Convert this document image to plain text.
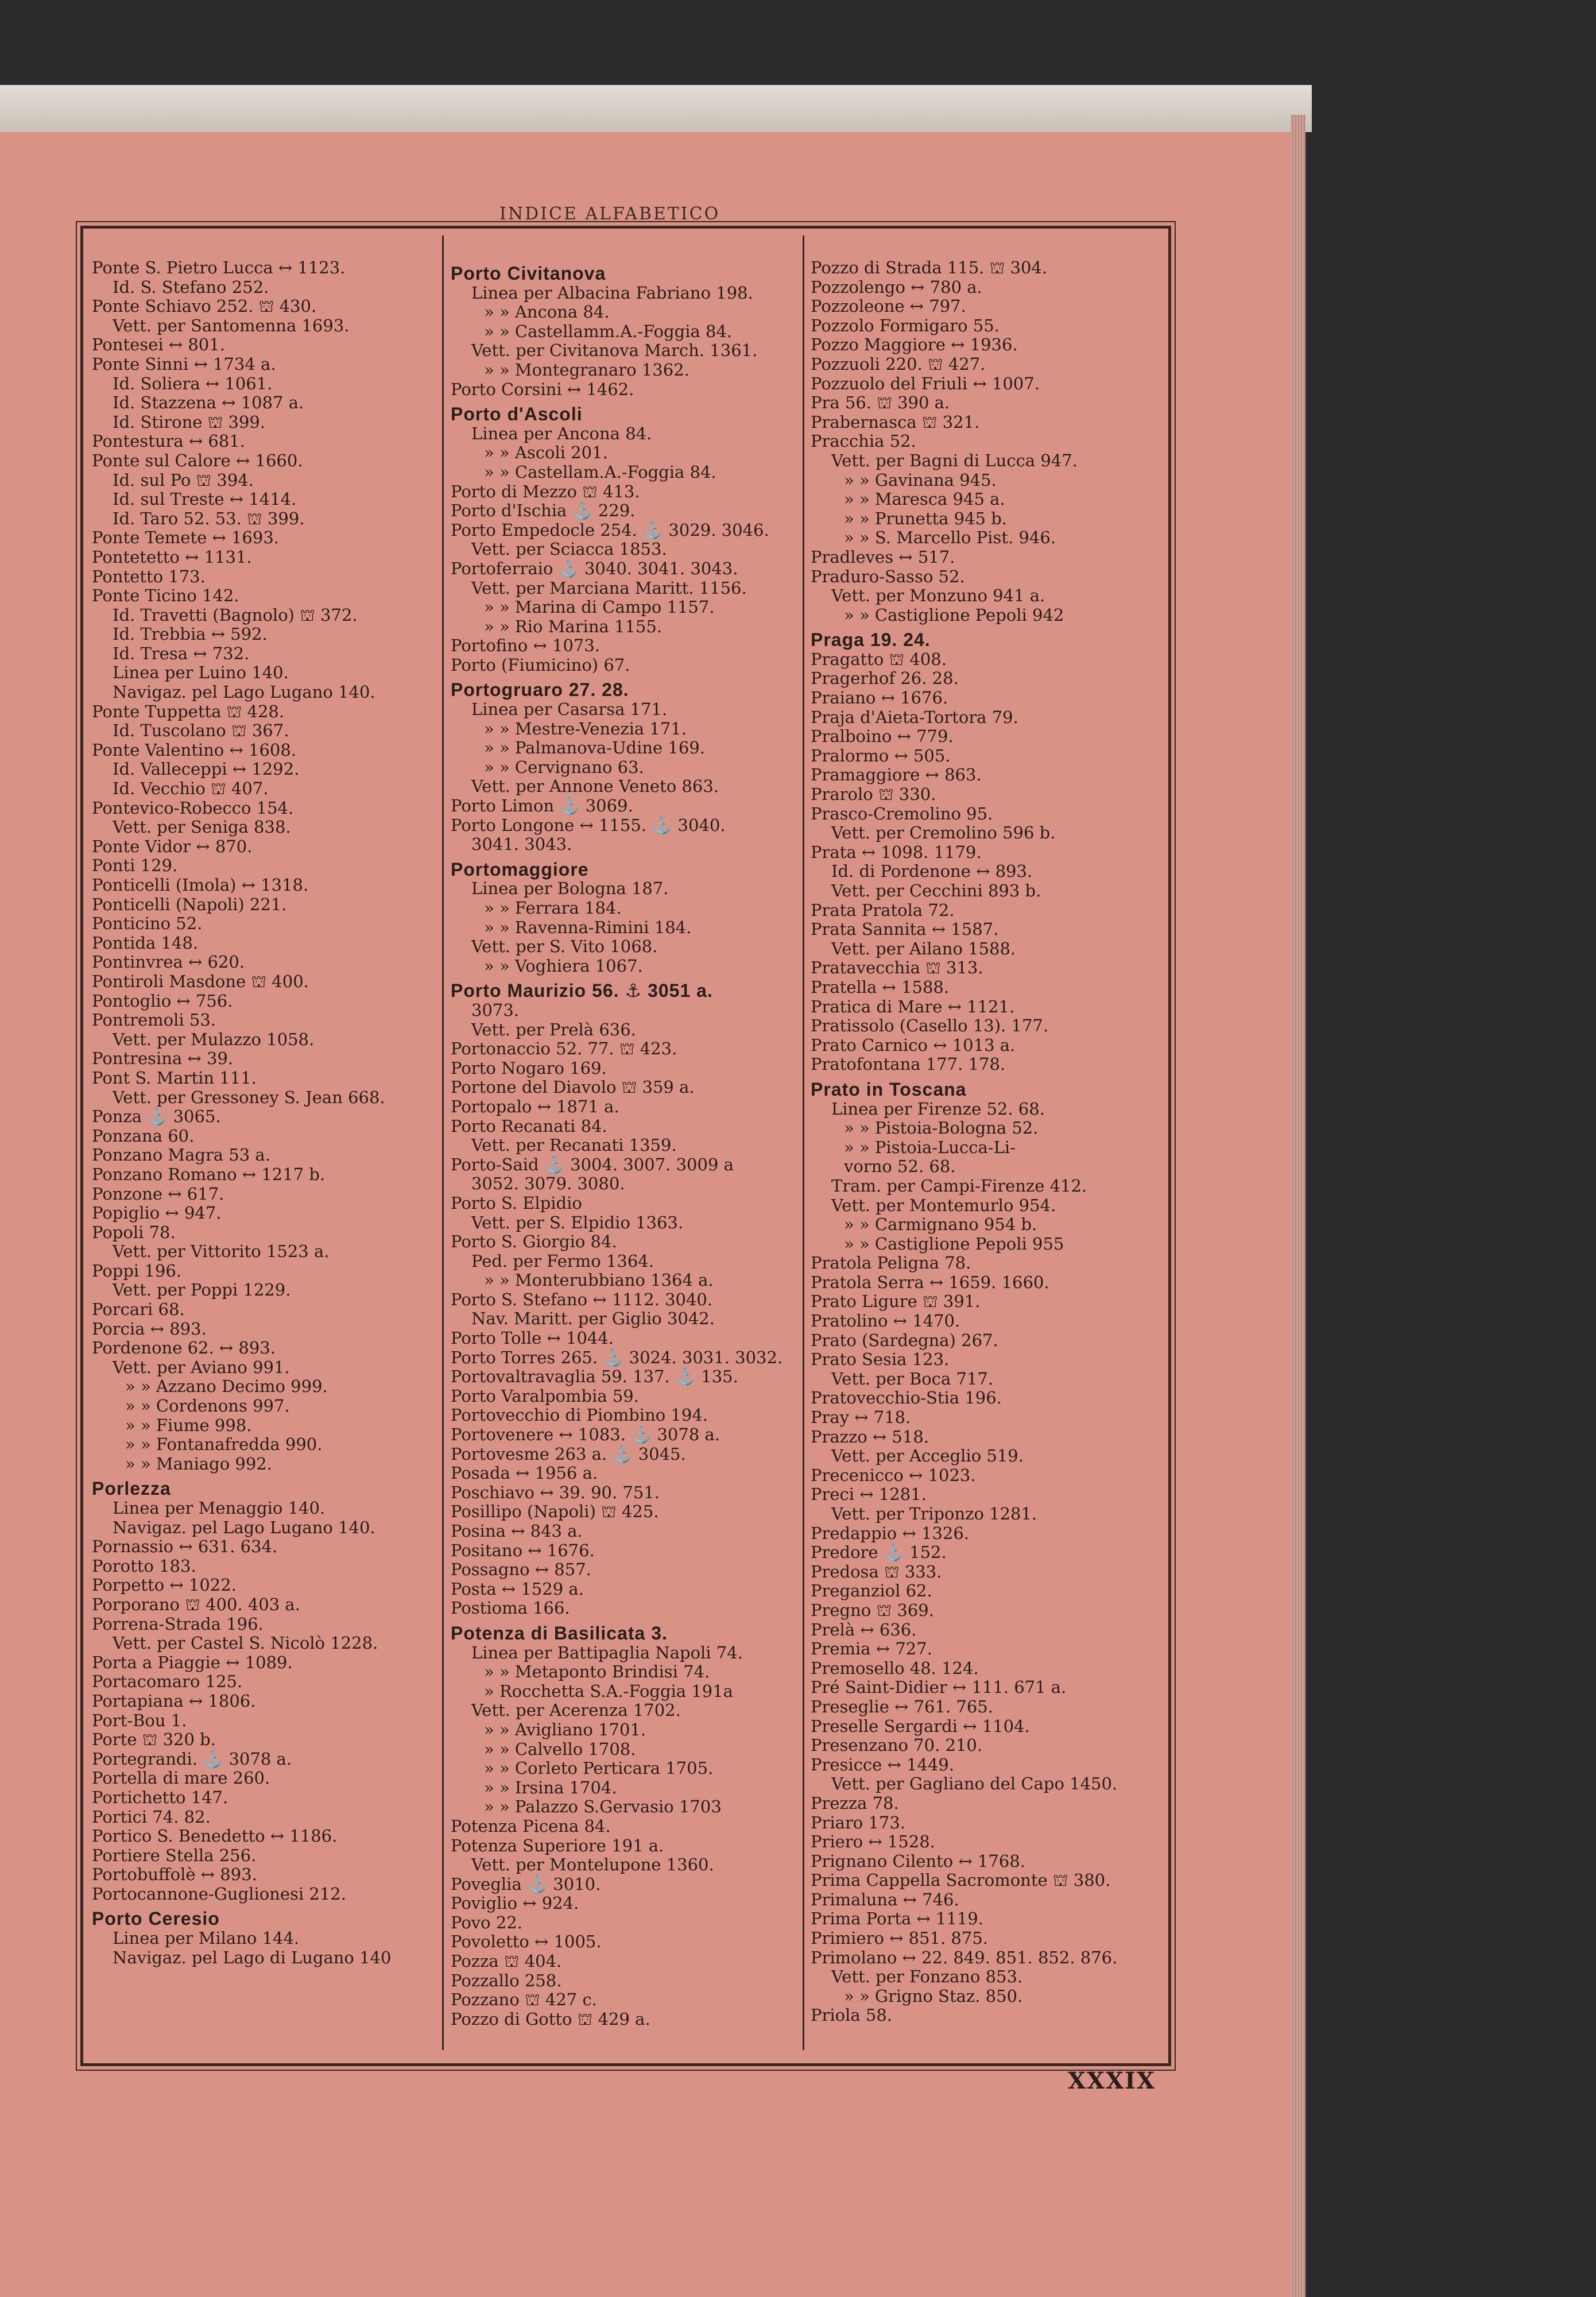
INDICE ALFABETICO
Ponte S. Pietro Lucca ↔ 1123.
Id. S. Stefano 252.
Ponte Schiavo 252. ⛫ 430.
Vett. per Santomenna 1693.
Pontesei ↔ 801.
Ponte Sinni ↔ 1734 a.
Id. Soliera ↔ 1061.
Id. Stazzena ↔ 1087 a.
Id. Stirone ⛫ 399.
Pontestura ↔ 681.
Ponte sul Calore ↔ 1660.
Id. sul Po ⛫ 394.
Id. sul Treste ↔ 1414.
Id. Taro 52. 53. ⛫ 399.
Ponte Temete ↔ 1693.
Pontetetto ↔ 1131.
Pontetto 173.
Ponte Ticino 142.
Id. Travetti (Bagnolo) ⛫ 372.
Id. Trebbia ↔ 592.
Id. Tresa ↔ 732.
Linea per Luino 140.
Navigaz. pel Lago Lugano 140.
Ponte Tuppetta ⛫ 428.
Id. Tuscolano ⛫ 367.
Ponte Valentino ↔ 1608.
Id. Valleceppi ↔ 1292.
Id. Vecchio ⛫ 407.
Pontevico-Robecco 154.
Vett. per Seniga 838.
Ponte Vidor ↔ 870.
Ponti 129.
Ponticelli (Imola) ↔ 1318.
Ponticelli (Napoli) 221.
Ponticino 52.
Pontida 148.
Pontinvrea ↔ 620.
Pontiroli Masdone ⛫ 400.
Pontoglio ↔ 756.
Pontremoli 53.
Vett. per Mulazzo 1058.
Pontresina ↔ 39.
Pont S. Martin 111.
Vett. per Gressoney S. Jean 668.
Ponza ⚓ 3065.
Ponzana 60.
Ponzano Magra 53 a.
Ponzano Romano ↔ 1217 b.
Ponzone ↔ 617.
Popiglio ↔ 947.
Popoli 78.
Vett. per Vittorito 1523 a.
Poppi 196.
Vett. per Poppi 1229.
Porcari 68.
Porcia ↔ 893.
Pordenone 62. ↔ 893.
Vett. per Aviano 991.
» » Azzano Decimo 999.
» » Cordenons 997.
» » Fiume 998.
» » Fontanafredda 990.
» » Maniago 992.
Porlezza
Linea per Menaggio 140.
Navigaz. pel Lago Lugano 140.
Pornassio ↔ 631. 634.
Porotto 183.
Porpetto ↔ 1022.
Porporano ⛫ 400. 403 a.
Porrena-Strada 196.
Vett. per Castel S. Nicolò 1228.
Porta a Piaggie ↔ 1089.
Portacomaro 125.
Portapiana ↔ 1806.
Port-Bou 1.
Porte ⛫ 320 b.
Portegrandi. ⚓ 3078 a.
Portella di mare 260.
Portichetto 147.
Portici 74. 82.
Portico S. Benedetto ↔ 1186.
Portiere Stella 256.
Portobuffolè ↔ 893.
Portocannone-Guglionesi 212.
Porto Ceresio
Linea per Milano 144.
Navigaz. pel Lago di Lugano 140
Porto Civitanova
Linea per Albacina Fabriano 198.
» » Ancona 84.
» » Castellamm.A.-Foggia 84.
Vett. per Civitanova March. 1361.
» » Montegranaro 1362.
Porto Corsini ↔ 1462.
Porto d'Ascoli
Linea per Ancona 84.
» » Ascoli 201.
» » Castellam.A.-Foggia 84.
Porto di Mezzo ⛫ 413.
Porto d'Ischia ⚓ 229.
Porto Empedocle 254. ⚓ 3029. 3046.
Vett. per Sciacca 1853.
Portoferraio ⚓ 3040. 3041. 3043.
Vett. per Marciana Maritt. 1156.
» » Marina di Campo 1157.
» » Rio Marina 1155.
Portofino ↔ 1073.
Porto (Fiumicino) 67.
Portogruaro 27. 28.
Linea per Casarsa 171.
» » Mestre-Venezia 171.
» » Palmanova-Udine 169.
» » Cervignano 63.
Vett. per Annone Veneto 863.
Porto Limon ⚓ 3069.
Porto Longone ↔ 1155. ⚓ 3040.
3041. 3043.
Portomaggiore
Linea per Bologna 187.
» » Ferrara 184.
» » Ravenna-Rimini 184.
Vett. per S. Vito 1068.
» » Voghiera 1067.
Porto Maurizio 56. ⚓ 3051 a.
3073.
Vett. per Prelà 636.
Portonaccio 52. 77. ⛫ 423.
Porto Nogaro 169.
Portone del Diavolo ⛫ 359 a.
Portopalo ↔ 1871 a.
Porto Recanati 84.
Vett. per Recanati 1359.
Porto-Said ⚓ 3004. 3007. 3009 a
3052. 3079. 3080.
Porto S. Elpidio
Vett. per S. Elpidio 1363.
Porto S. Giorgio 84.
Ped. per Fermo 1364.
» » Monterubbiano 1364 a.
Porto S. Stefano ↔ 1112. 3040.
Nav. Maritt. per Giglio 3042.
Porto Tolle ↔ 1044.
Porto Torres 265. ⚓ 3024. 3031. 3032.
Portovaltravaglia 59. 137. ⚓ 135.
Porto Varalpombia 59.
Portovecchio di Piombino 194.
Portovenere ↔ 1083. ⚓ 3078 a.
Portovesme 263 a. ⚓ 3045.
Posada ↔ 1956 a.
Poschiavo ↔ 39. 90. 751.
Posillipo (Napoli) ⛫ 425.
Posina ↔ 843 a.
Positano ↔ 1676.
Possagno ↔ 857.
Posta ↔ 1529 a.
Postioma 166.
Potenza di Basilicata 3.
Linea per Battipaglia Napoli 74.
» » Metaponto Brindisi 74.
» Rocchetta S.A.-Foggia 191a
Vett. per Acerenza 1702.
» » Avigliano 1701.
» » Calvello 1708.
» » Corleto Perticara 1705.
» » Irsina 1704.
» » Palazzo S.Gervasio 1703
Potenza Picena 84.
Potenza Superiore 191 a.
Vett. per Montelupone 1360.
Poveglia ⚓ 3010.
Poviglio ↔ 924.
Povo 22.
Povoletto ↔ 1005.
Pozza ⛫ 404.
Pozzallo 258.
Pozzano ⛫ 427 c.
Pozzo di Gotto ⛫ 429 a.
Pozzo di Strada 115. ⛫ 304.
Pozzolengo ↔ 780 a.
Pozzoleone ↔ 797.
Pozzolo Formigaro 55.
Pozzo Maggiore ↔ 1936.
Pozzuoli 220. ⛫ 427.
Pozzuolo del Friuli ↔ 1007.
Pra 56. ⛫ 390 a.
Prabernasca ⛫ 321.
Pracchia 52.
Vett. per Bagni di Lucca 947.
» » Gavinana 945.
» » Maresca 945 a.
» » Prunetta 945 b.
» » S. Marcello Pist. 946.
Pradleves ↔ 517.
Praduro-Sasso 52.
Vett. per Monzuno 941 a.
» » Castiglione Pepoli 942
Praga 19. 24.
Pragatto ⛫ 408.
Pragerhof 26. 28.
Praiano ↔ 1676.
Praja d'Aieta-Tortora 79.
Pralboino ↔ 779.
Pralormo ↔ 505.
Pramaggiore ↔ 863.
Prarolo ⛫ 330.
Prasco-Cremolino 95.
Vett. per Cremolino 596 b.
Prata ↔ 1098. 1179.
Id. di Pordenone ↔ 893.
Vett. per Cecchini 893 b.
Prata Pratola 72.
Prata Sannita ↔ 1587.
Vett. per Ailano 1588.
Pratavecchia ⛫ 313.
Pratella ↔ 1588.
Pratica di Mare ↔ 1121.
Pratissolo (Casello 13). 177.
Prato Carnico ↔ 1013 a.
Pratofontana 177. 178.
Prato in Toscana
Linea per Firenze 52. 68.
» » Pistoia-Bologna 52.
» » Pistoia-Lucca-Li-
vorno 52. 68.
Tram. per Campi-Firenze 412.
Vett. per Montemurlo 954.
» » Carmignano 954 b.
» » Castiglione Pepoli 955
Pratola Peligna 78.
Pratola Serra ↔ 1659. 1660.
Prato Ligure ⛫ 391.
Pratolino ↔ 1470.
Prato (Sardegna) 267.
Prato Sesia 123.
Vett. per Boca 717.
Pratovecchio-Stia 196.
Pray ↔ 718.
Prazzo ↔ 518.
Vett. per Acceglio 519.
Precenicco ↔ 1023.
Preci ↔ 1281.
Vett. per Triponzo 1281.
Predappio ↔ 1326.
Predore ⚓ 152.
Predosa ⛫ 333.
Preganziol 62.
Pregno ⛫ 369.
Prelà ↔ 636.
Premia ↔ 727.
Premosello 48. 124.
Pré Saint-Didier ↔ 111. 671 a.
Preseglie ↔ 761. 765.
Preselle Sergardi ↔ 1104.
Presenzano 70. 210.
Presicce ↔ 1449.
Vett. per Gagliano del Capo 1450.
Prezza 78.
Priaro 173.
Priero ↔ 1528.
Prignano Cilento ↔ 1768.
Prima Cappella Sacromonte ⛫ 380.
Primaluna ↔ 746.
Prima Porta ↔ 1119.
Primiero ↔ 851. 875.
Primolano ↔ 22. 849. 851. 852. 876.
Vett. per Fonzano 853.
» » Grigno Staz. 850.
Priola 58.
XXXIX
